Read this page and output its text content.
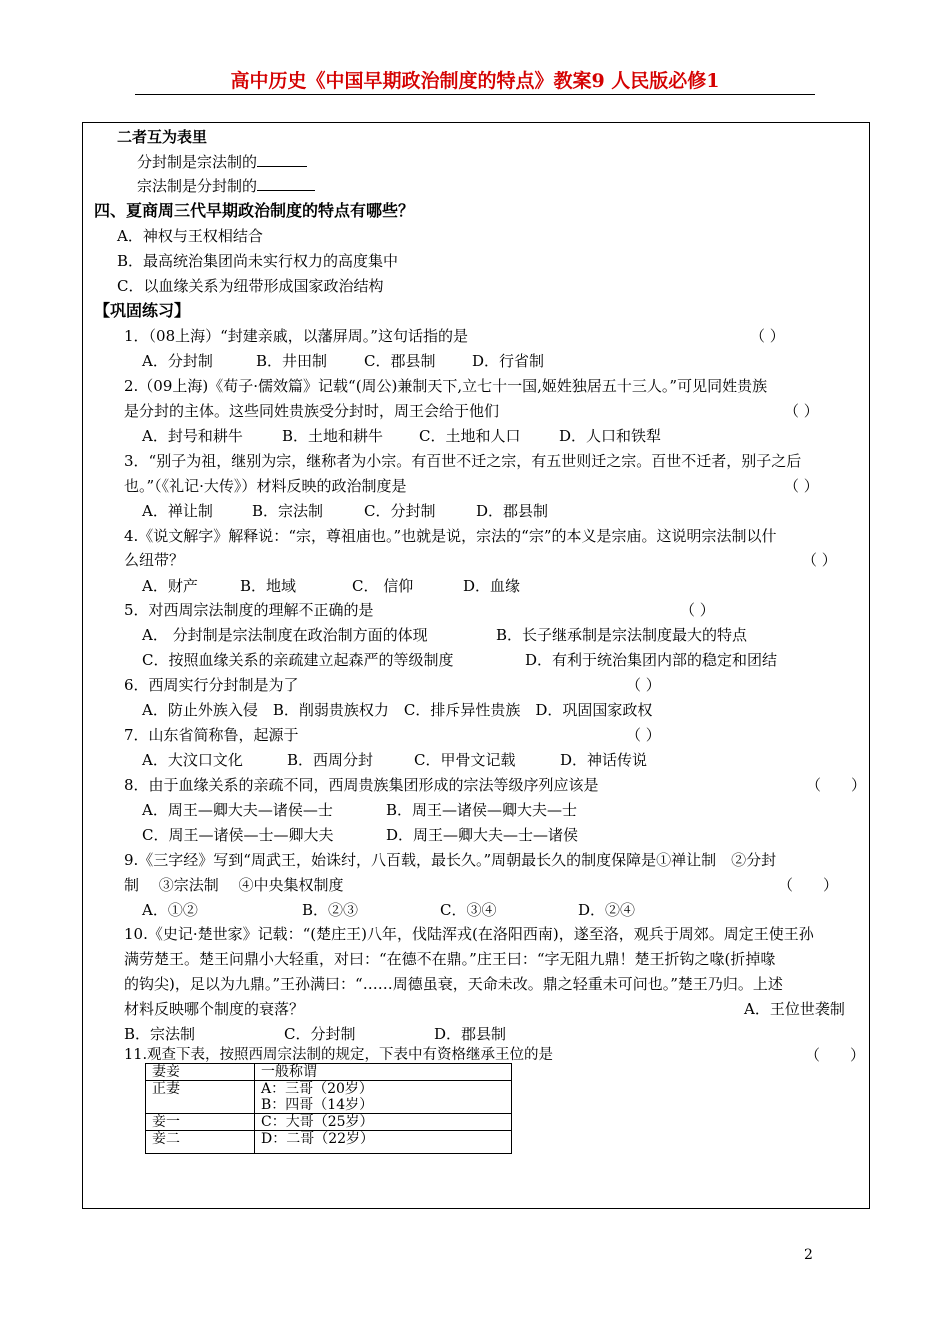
高中历史《中国早期政治制度的特点》教案9 人民版必修1
二者互为表里
分封制是宗法制的
宗法制是分封制的
四、夏商周三代早期政治制度的特点有哪些？
A．神权与王权相结合
B．最高统治集团尚未实行权力的高度集中
C．以血缘关系为纽带形成国家政治结构
【巩固练习】
1．（08上海）“封建亲戚，以藩屏周。”这句话指的是	（ ）
A．分封制	B．井田制 C．郡县制 D．行省制
2.（09上海)《荀子·儒效篇》记载“(周公)兼制天下,立七十一国,姬姓独居五十三人。”可见同姓贵族
是分封的主体。这些同姓贵族受分封时，周王会给于他们	（ ）
A．封号和耕牛	B．土地和耕牛 C．土地和人口	D．人口和铁犁
3．“别子为祖，继别为宗，继称者为小宗。有百世不迁之宗，有五世则迁之宗。百世不迁者，别子之后
也。”（《礼记·大传》）材料反映的政治制度是	（ ）
A．禅让制	B．宗法制	C．分封制	D．郡县制
4.《说文解字》解释说：“宗，尊祖庙也。”也就是说，宗法的“宗”的本义是宗庙。这说明宗法制以什
么纽带？	（ ）
A．财产	B．地域	C． 信仰	D．血缘
5．对西周宗法制度的理解不正确的是	（ ）
A． 分封制是宗法制度在政治制方面的体现	B．长子继承制是宗法制度最大的特点
C．按照血缘关系的亲疏建立起森严的等级制度	D．有利于统治集团内部的稳定和团结
6．西周实行分封制是为了	（ ）
A．防止外族入侵　B．削弱贵族权力　C．排斥异性贵族　D．巩固国家政权
7．山东省简称鲁，起源于	（ ）
A．大汶口文化	B．西周分封	C．甲骨文记载	D．神话传说
8．由于血缘关系的亲疏不同，西周贵族集团形成的宗法等级序列应该是	（　　）
A．周王—卿大夫—诸侯—士	B．周王—诸侯—卿大夫—士
C．周王—诸侯—士—卿大夫	D．周王—卿大夫—士—诸侯
9.《三字经》写到“周武王，始诛纣，八百载，最长久。”周朝最长久的制度保障是①禅让制　②分封
制　 ③宗法制　 ④中央集权制度	（　　）
A．①②	B．②③	C．③④	D．②④
10.《史记·楚世家》记载：“(楚庄王)八年，伐陆浑戎(在洛阳西南)，遂至洛，观兵于周郊。周定王使王孙
满劳楚王。楚王问鼎小大轻重，对曰：“在德不在鼎。”庄王曰：“字无阻九鼎！楚王折钩之喙(折掉喙
的钩尖)，足以为九鼎。”王孙满曰：“……周德虽衰，天命未改。鼎之轻重未可问也。”楚王乃归。上述
材料反映哪个制度的衰落？	A．王位世袭制
B．宗法制	C．分封制	D．郡县制
11.观查下表，按照西周宗法制的规定，下表中有资格继承王位的是	（　　）
妻妾	一般称谓
正妻	A：三哥（20岁）
B：四哥（14岁）

妾一	C：大哥（25岁）

妾二	D：二哥（22岁）
2
